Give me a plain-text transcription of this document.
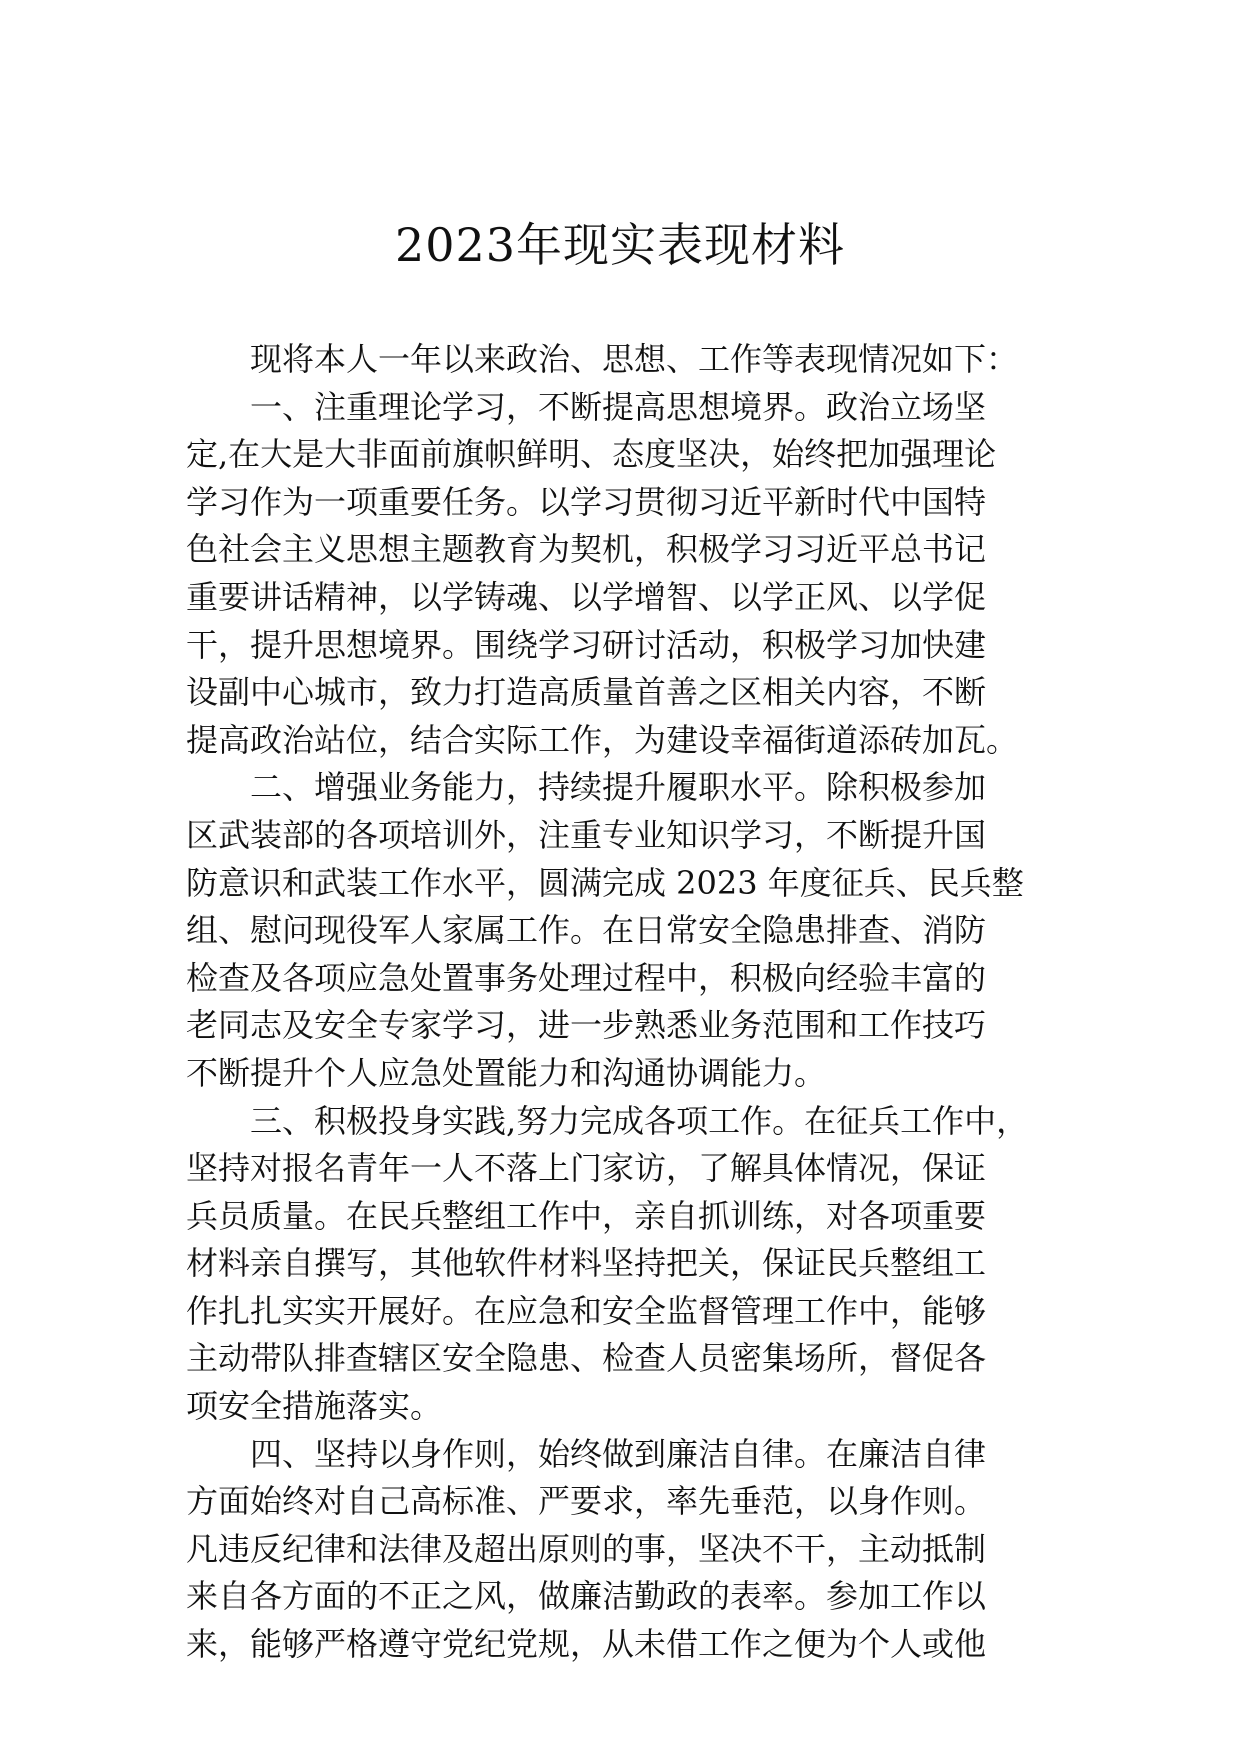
2023年现实表现材料
现将本人一年以来政治、思想、工作等表现情况如下：
一、注重理论学习，不断提高思想境界。政治立场坚
定,在大是大非面前旗帜鲜明、态度坚决，始终把加强理论
学习作为一项重要任务。以学习贯彻习近平新时代中国特
色社会主义思想主题教育为契机，积极学习习近平总书记
重要讲话精神，以学铸魂、以学增智、以学正风、以学促
干，提升思想境界。围绕学习研讨活动，积极学习加快建
设副中心城市，致力打造高质量首善之区相关内容，不断
提高政治站位，结合实际工作，为建设幸福街道添砖加瓦。
二、增强业务能力，持续提升履职水平。除积极参加
区武装部的各项培训外，注重专业知识学习，不断提升国
防意识和武装工作水平，圆满完成 2023 年度征兵、民兵整
组、慰问现役军人家属工作。在日常安全隐患排查、消防
检查及各项应急处置事务处理过程中，积极向经验丰富的
老同志及安全专家学习，进一步熟悉业务范围和工作技巧
不断提升个人应急处置能力和沟通协调能力。
三、积极投身实践,努力完成各项工作。在征兵工作中，
坚持对报名青年一人不落上门家访，了解具体情况，保证
兵员质量。在民兵整组工作中，亲自抓训练，对各项重要
材料亲自撰写，其他软件材料坚持把关，保证民兵整组工
作扎扎实实开展好。在应急和安全监督管理工作中，能够
主动带队排查辖区安全隐患、检查人员密集场所，督促各
项安全措施落实。
四、坚持以身作则，始终做到廉洁自律。在廉洁自律
方面始终对自己高标准、严要求，率先垂范，以身作则。
凡违反纪律和法律及超出原则的事，坚决不干，主动抵制
来自各方面的不正之风，做廉洁勤政的表率。参加工作以
来，能够严格遵守党纪党规，从未借工作之便为个人或他
